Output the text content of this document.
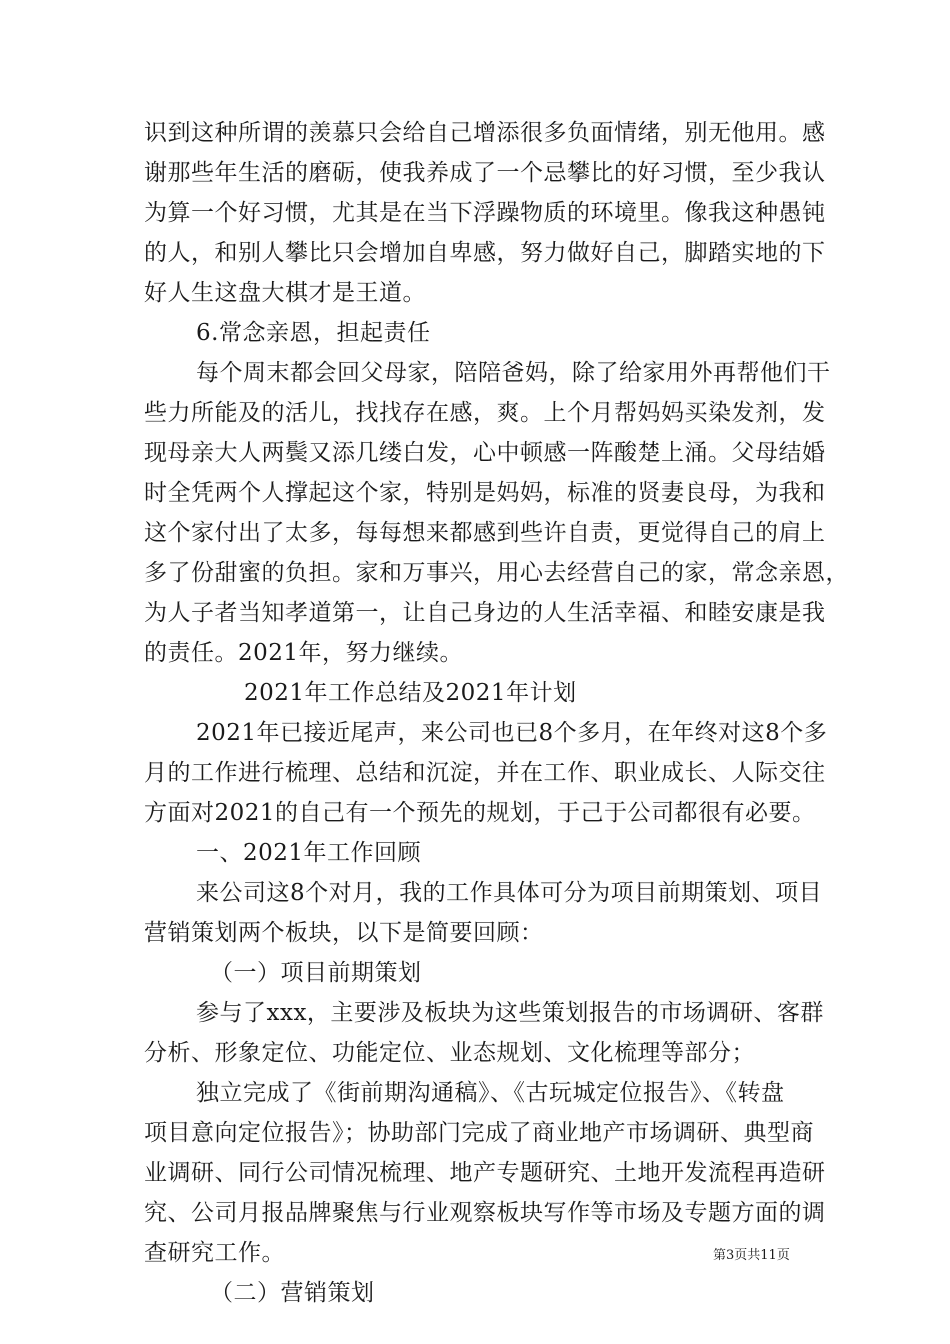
识到这种所谓的羡慕只会给自己增添很多负面情绪，别无他用。感
谢那些年生活的磨砺，使我养成了一个忌攀比的好习惯，至少我认
为算一个好习惯，尤其是在当下浮躁物质的环境里。像我这种愚钝
的人，和别人攀比只会增加自卑感，努力做好自己，脚踏实地的下
好人生这盘大棋才是王道。
6.常念亲恩，担起责任
每个周末都会回父母家，陪陪爸妈，除了给家用外再帮他们干
些力所能及的活儿，找找存在感，爽。上个月帮妈妈买染发剂，发
现母亲大人两鬓又添几缕白发，心中顿感一阵酸楚上涌。父母结婚
时全凭两个人撑起这个家，特别是妈妈，标准的贤妻良母，为我和
这个家付出了太多，每每想来都感到些许自责，更觉得自己的肩上
多了份甜蜜的负担。家和万事兴，用心去经营自己的家，常念亲恩，
为人子者当知孝道第一，让自己身边的人生活幸福、和睦安康是我
的责任。2021年，努力继续。
2021年工作总结及2021年计划
2021年已接近尾声，来公司也已8个多月，在年终对这8个多
月的工作进行梳理、总结和沉淀，并在工作、职业成长、人际交往
方面对2021的自己有一个预先的规划，于己于公司都很有必要。
一、2021年工作回顾
来公司这8个对月，我的工作具体可分为项目前期策划、项目
营销策划两个板块，以下是简要回顾：
（一）项目前期策划
参与了xxx，主要涉及板块为这些策划报告的市场调研、客群
分析、形象定位、功能定位、业态规划、文化梳理等部分；
独立完成了《街前期沟通稿》、《古玩城定位报告》、《转盘
项目意向定位报告》；协助部门完成了商业地产市场调研、典型商
业调研、同行公司情况梳理、地产专题研究、土地开发流程再造研
究、公司月报品牌聚焦与行业观察板块写作等市场及专题方面的调
查研究工作。
（二）营销策划
第3页共11页
